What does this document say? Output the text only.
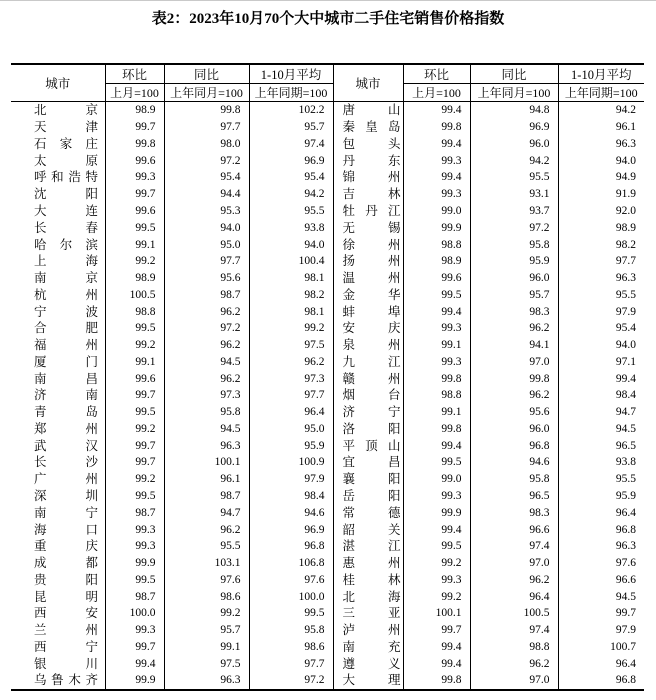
表2：2023年10月70个大中城市二手住宅销售价格指数
城市	环比	同比	1-10月平均	城市	环比	同比	1-10月平均
	上月=100	上年同月=100	上年同期=100		上月=100	上年同月=100	上年同期=100
北京	98.9	99.8	102.2	唐山	99.4	94.8	94.2
天津	99.7	97.7	95.7	秦皇岛	99.8	96.9	96.1
石家庄	99.8	98.0	97.4	包头	99.4	96.0	96.3
太原	99.6	97.2	96.9	丹东	99.3	94.2	94.0
呼和浩特	99.3	95.4	95.4	锦州	99.4	95.5	94.9
沈阳	99.7	94.4	94.2	吉林	99.3	93.1	91.9
大连	99.6	95.3	95.5	牡丹江	99.0	93.7	92.0
长春	99.5	94.0	93.8	无锡	99.9	97.2	98.9
哈尔滨	99.1	95.0	94.0	徐州	98.8	95.8	98.2
上海	99.2	97.7	100.4	扬州	98.9	95.9	97.7
南京	98.9	95.6	98.1	温州	99.6	96.0	96.3
杭州	100.5	98.7	98.2	金华	99.5	95.7	95.5
宁波	98.8	96.2	98.1	蚌埠	99.4	98.3	97.9
合肥	99.5	97.2	99.2	安庆	99.3	96.2	95.4
福州	99.2	96.2	97.5	泉州	99.1	94.1	94.0
厦门	99.1	94.5	96.2	九江	99.3	97.0	97.1
南昌	99.6	96.2	97.3	赣州	99.8	99.8	99.4
济南	99.7	97.3	97.7	烟台	98.8	96.2	98.4
青岛	99.5	95.8	96.4	济宁	99.1	95.6	94.7
郑州	99.2	94.5	95.0	洛阳	99.8	96.0	94.5
武汉	99.7	96.3	95.9	平顶山	99.4	96.8	96.5
长沙	99.7	100.1	100.9	宜昌	99.5	94.6	93.8
广州	99.2	96.1	97.9	襄阳	99.0	95.8	95.5
深圳	99.5	98.7	98.4	岳阳	99.3	96.5	95.9
南宁	98.7	94.7	94.6	常德	99.9	98.3	96.4
海口	99.3	96.2	96.9	韶关	99.4	96.6	96.8
重庆	99.3	95.5	96.8	湛江	99.5	97.4	96.3
成都	99.9	103.1	106.8	惠州	99.2	97.0	97.6
贵阳	99.5	97.6	97.6	桂林	99.3	96.2	96.6
昆明	98.7	98.6	100.0	北海	99.2	96.4	94.5
西安	100.0	99.2	99.5	三亚	100.1	100.5	99.7
兰州	99.3	95.7	95.8	泸州	99.7	97.4	97.9
西宁	99.7	99.1	98.6	南充	99.4	98.8	100.7
银川	99.4	97.5	97.7	遵义	99.4	96.2	96.4
乌鲁木齐	99.9	96.3	97.2	大理	99.8	97.0	96.8
